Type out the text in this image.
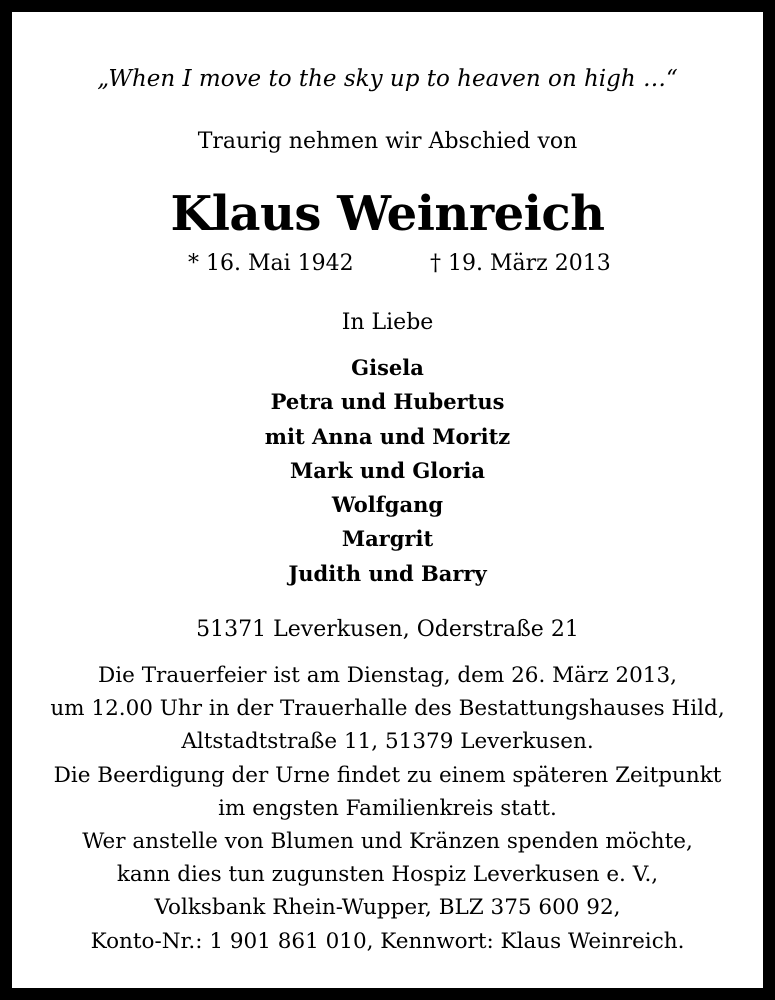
„When I move to the sky up to heaven on high …“
Traurig nehmen wir Abschied von
Klaus Weinreich
* 16. Mai 1942	† 19. März 2013
In Liebe
Gisela
Petra und Hubertus
mit Anna und Moritz
Mark und Gloria
Wolfgang
Margrit
Judith und Barry
51371 Leverkusen, Oderstraße 21
Die Trauerfeier ist am Dienstag, dem 26. März 2013,
um 12.00 Uhr in der Trauerhalle des Bestattungshauses Hild,
Altstadtstraße 11, 51379 Leverkusen.
Die Beerdigung der Urne findet zu einem späteren Zeitpunkt
im engsten Familienkreis statt.
Wer anstelle von Blumen und Kränzen spenden möchte,
kann dies tun zugunsten Hospiz Leverkusen e. V.,
Volksbank Rhein-Wupper, BLZ 375 600 92,
Konto-Nr.: 1 901 861 010, Kennwort: Klaus Weinreich.
